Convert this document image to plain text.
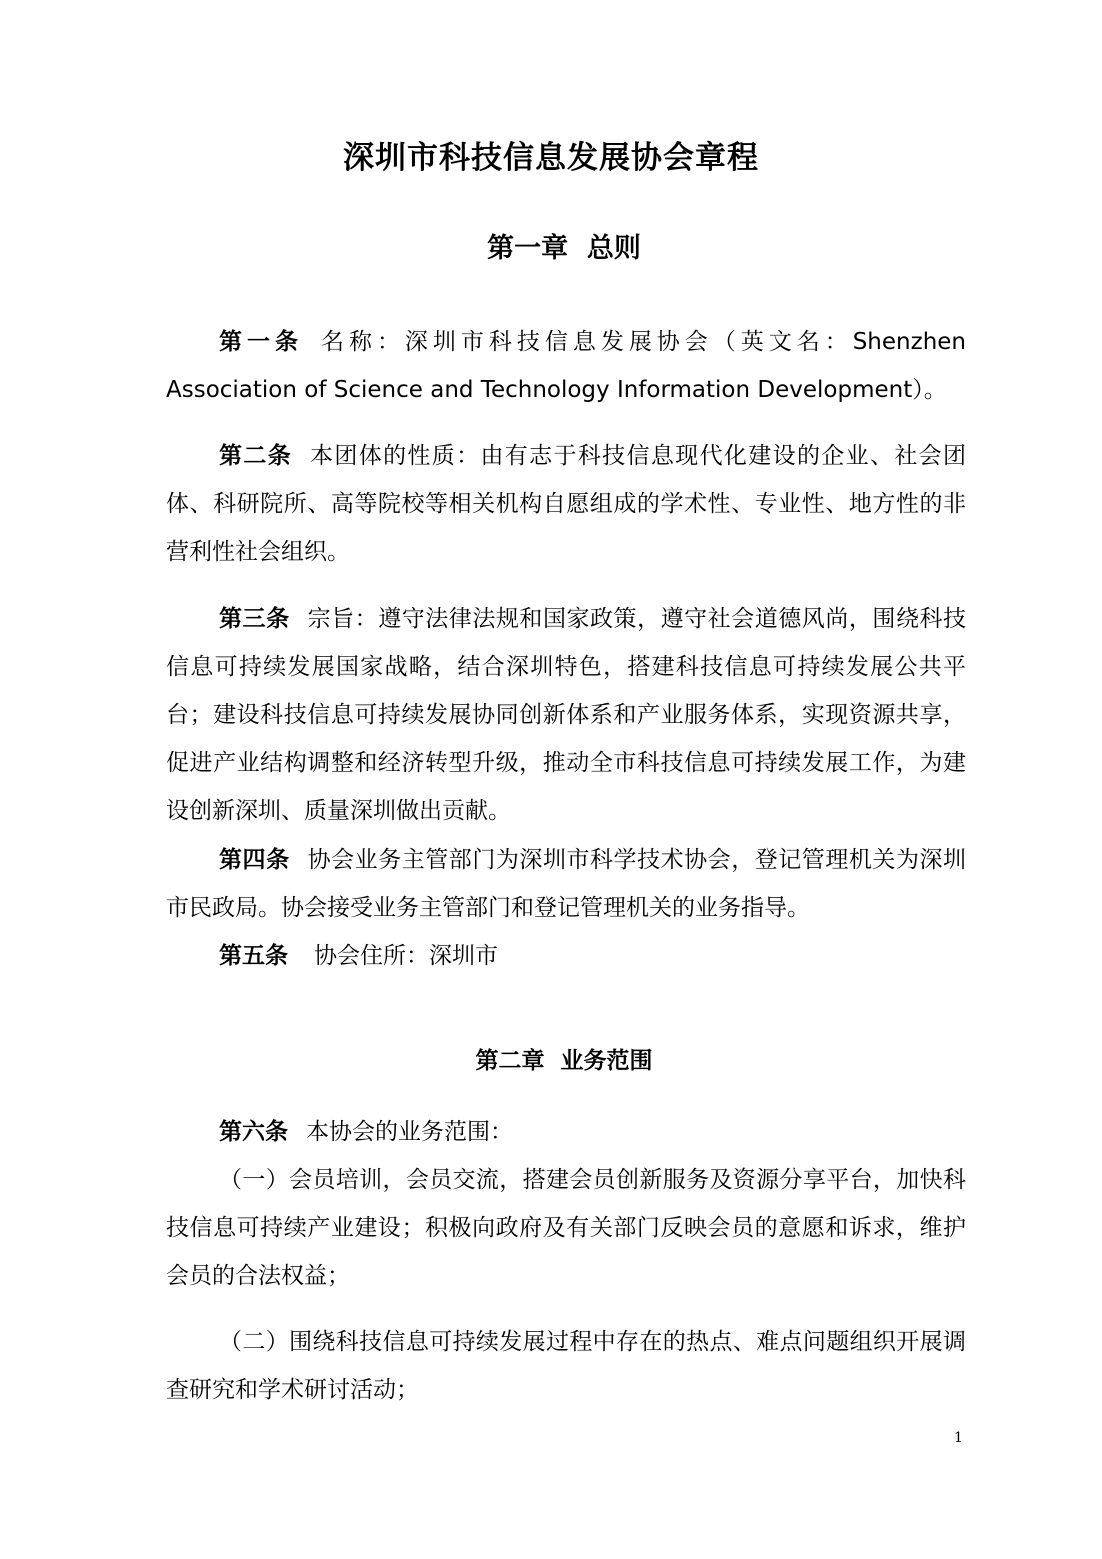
深圳市科技信息发展协会章程
第一章  总则

第一条 名称：深圳市科技信息发展协会（英文名：Shenzhen Association of Science and Technology Information Development）。

第二条 本团体的性质：由有志于科技信息现代化建设的企业、社会团体、科研院所、高等院校等相关机构自愿组成的学术性、专业性、地方性的非营利性社会组织。

第三条 宗旨：遵守法律法规和国家政策，遵守社会道德风尚，围绕科技信息可持续发展国家战略，结合深圳特色，搭建科技信息可持续发展公共平台；建设科技信息可持续发展协同创新体系和产业服务体系，实现资源共享，促进产业结构调整和经济转型升级，推动全市科技信息可持续发展工作，为建设创新深圳、质量深圳做出贡献。

第四条 协会业务主管部门为深圳市科学技术协会，登记管理机关为深圳市民政局。协会接受业务主管部门和登记管理机关的业务指导。

第五条 协会住所：深圳市

第二章  业务范围

第六条 本协会的业务范围：

（一）会员培训，会员交流，搭建会员创新服务及资源分享平台，加快科技信息可持续产业建设；积极向政府及有关部门反映会员的意愿和诉求，维护会员的合法权益；

（二）围绕科技信息可持续发展过程中存在的热点、难点问题组织开展调查研究和学术研讨活动；

1
